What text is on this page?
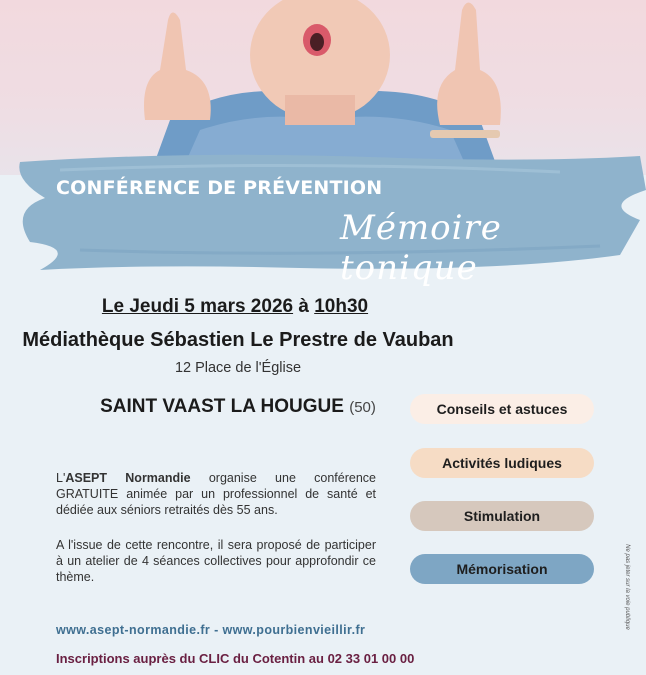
CONFÉRENCE DE PRÉVENTION
Mémoire tonique
Le Jeudi 5 mars 2026 à 10h30
Médiathèque Sébastien Le Prestre de Vauban
12 Place de l'Église
SAINT VAAST LA HOUGUE (50)
L'ASEPT Normandie organise une conférence GRATUITE animée par un professionnel de santé et dédiée aux séniors retraités dès 55 ans.
A l'issue de cette rencontre, il sera proposé de participer à un atelier de 4 séances collectives pour approfondir ce thème.
Conseils et astuces
Activités ludiques
Stimulation
Mémorisation
www.asept-normandie.fr - www.pourbienvieillir.fr
Inscriptions auprès du CLIC du Cotentin au 02 33 01 00 00
Ne pas jeter sur la voie publique
